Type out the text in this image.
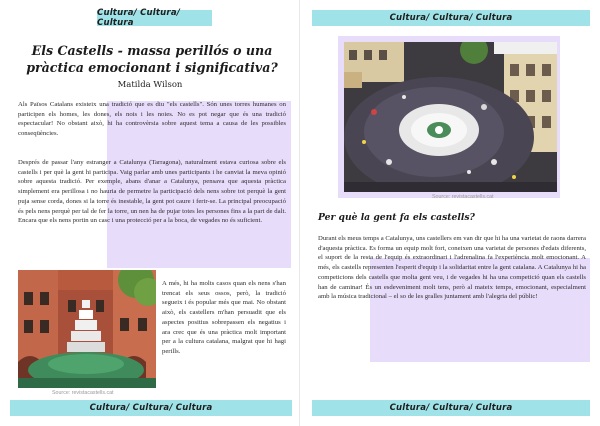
Cultura/ Cultura/ Cultura
Els Castells - massa perillós o una pràctica emocionant i significativa?
Matilda Wilson

Als Països Catalans existeix una tradició que es diu "els castells". Són unes torres humanes on participen els homes, les dones, els nois i les noies. No es pot negar que és una tradició espectacular! No obstant això, hi ha controvèrsia sobre aquest tema a causa de les possibles conseqüències.

Després de passar l'any estranger a Catalunya (Tarragona), naturalment estava curiosa sobre els castells i per què la gent hi participa. Vaig parlar amb unes participants i he canviat la meva opinió sobre aquesta tradició. Per exemple, abans d'anar a Catalunya, pensava que aquesta pràctica simplement era perillosa i no hauria de permetre la participació dels nens sobre tot perquè la gent puja sense corda, dones si la torre és inestable, la gent pot caure i ferir-se. La principal preocupació és pels nens perquè per tal de fer la torre, un nen ha de pujar totes les persones fins a la part de dalt. Encara que els nens portin un casc i una protecció per a la boca, de vegades no és suficient.

Source: revistacastells.cat

A més, hi ha molts casos quan els nens s'han trencat els seus ossos, però, la tradició segueix i és popular més que mai. No obstant això, els castellers m'han persuadit que els aspectes positius sobrepassen els negatius i ara crec que és una pràctica molt important per a la cultura catalana, malgrat que hi hagi perills.

Cultura/ Cultura/ Cultura
Cultura/ Cultura/ Cultura
Source: revistacastells.cat
Per què la gent fa els castells?

Durant els meus temps a Catalunya, uns castellers em van dir que hi ha una varietat de raons darrera d'aquesta pràctica. Es forma un equip molt fort, coneixen una varietat de persones d'edats diferents, el suport de la resta de l'equip és extraordinari i l'adrenalina fa l'experiència molt emocionant. A més, els castells representen l'esperit d'equip i la solidaritat entre la gent catalana. A Catalunya hi ha competicions dels castells que molta gent veu, i de vegades hi ha una competició quan els castells han de caminar! És un esdeveniment molt tens, però al mateix temps, emocionant, especialment amb la música tradicional – el so de les gralles juntament amb l'alegria del públic!

Cultura/ Cultura/ Cultura
